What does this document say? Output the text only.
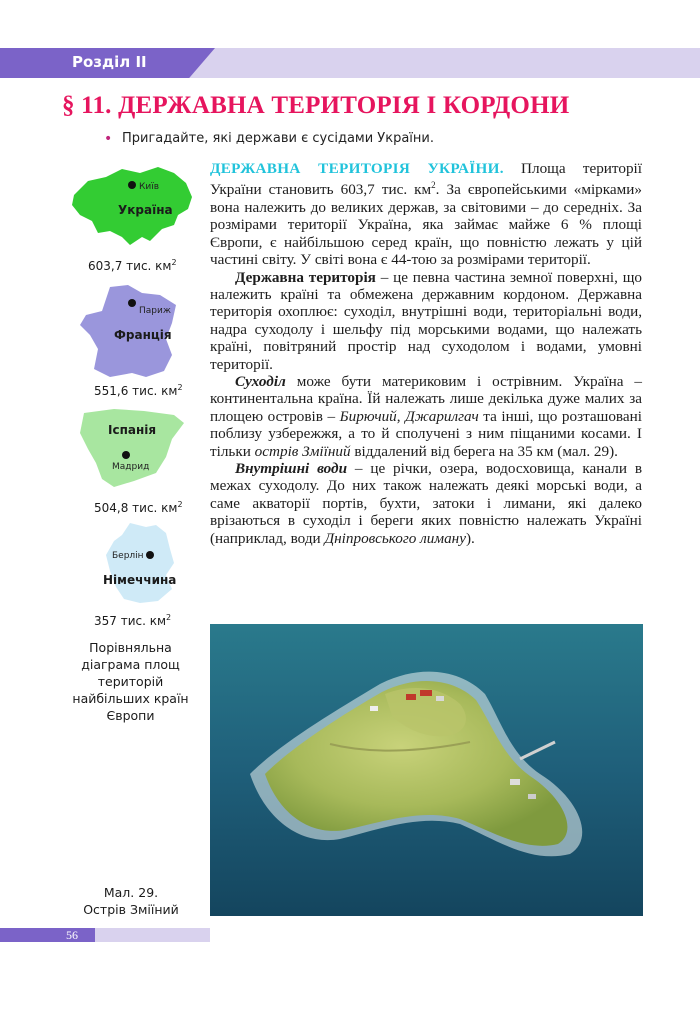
Розділ II
§ 11. ДЕРЖАВНА ТЕРИТОРІЯ І КОРДОНИ
• Пригадайте, які держави є сусідами України.
Київ
Україна
603,7 тис. $км^2$
Париж
Франція
551,6 тис. $км^2$
Іспанія
Мадрид
504,8 тис. $км^2$
Берлін
Німеччина
357 тис. $км^2$
Порівняльна діаграма площ територій найбільших країн Європи

ДЕРЖАВНА ТЕРИТОРІЯ УКРАЇНИ. Площа території України становить 603,7 тис. $км^2$. За європейськими «мірками» вона належить до великих держав, за світовими – до середніх. За розмірами території Україна, яка займає майже 6 % площі Європи, є найбільшою серед країн, що повністю лежать у цій частині світу. У світі вона є 44-тою за розмірами території.

Державна територія – це певна частина земної поверхні, що належить країні та обмежена державним кордоном. Державна територія охоплює: суходіл, внутрішні води, територіальні води, надра суходолу і шельфу під морськими водами, що належать країні, повітряний простір над суходолом і водами, умовні території.

Суходіл може бути материковим і острівним. Україна – континентальна країна. Їй належать лише декілька дуже малих за площею островів – Бирючий, Джарилгач та інші, що розташовані поблизу узбережжя, а то й сполучені з ним піщаними косами. І тільки острів Зміїний віддалений від берега на 35 км (мал. 29).

Внутрішні води – це річки, озера, водосховища, канали в межах суходолу. До них також належать деякі морські води, а саме акваторії портів, бухти, затоки і лимани, які далеко врізаються в суходіл і береги яких повністю належать Україні (наприклад, води Дніпровського лиману).

Мал. 29.
Острів Зміїний
56
